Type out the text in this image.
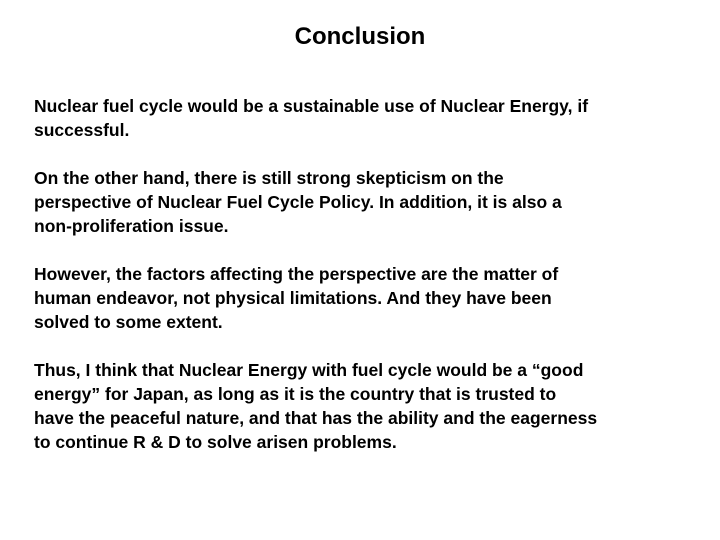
Conclusion

Nuclear fuel cycle would be a sustainable use of Nuclear Energy, if
successful.

On the other hand, there is still strong skepticism on the
perspective of Nuclear Fuel Cycle Policy. In addition, it is also a
non-proliferation issue.

However, the factors affecting the perspective are the matter of
human endeavor, not physical limitations. And they have been
solved to some extent.

Thus, I think that Nuclear Energy with fuel cycle would be a “good
energy” for Japan, as long as it is the country that is trusted to
have the peaceful nature, and that has the ability and the eagerness
to continue R & D to solve arisen problems.
